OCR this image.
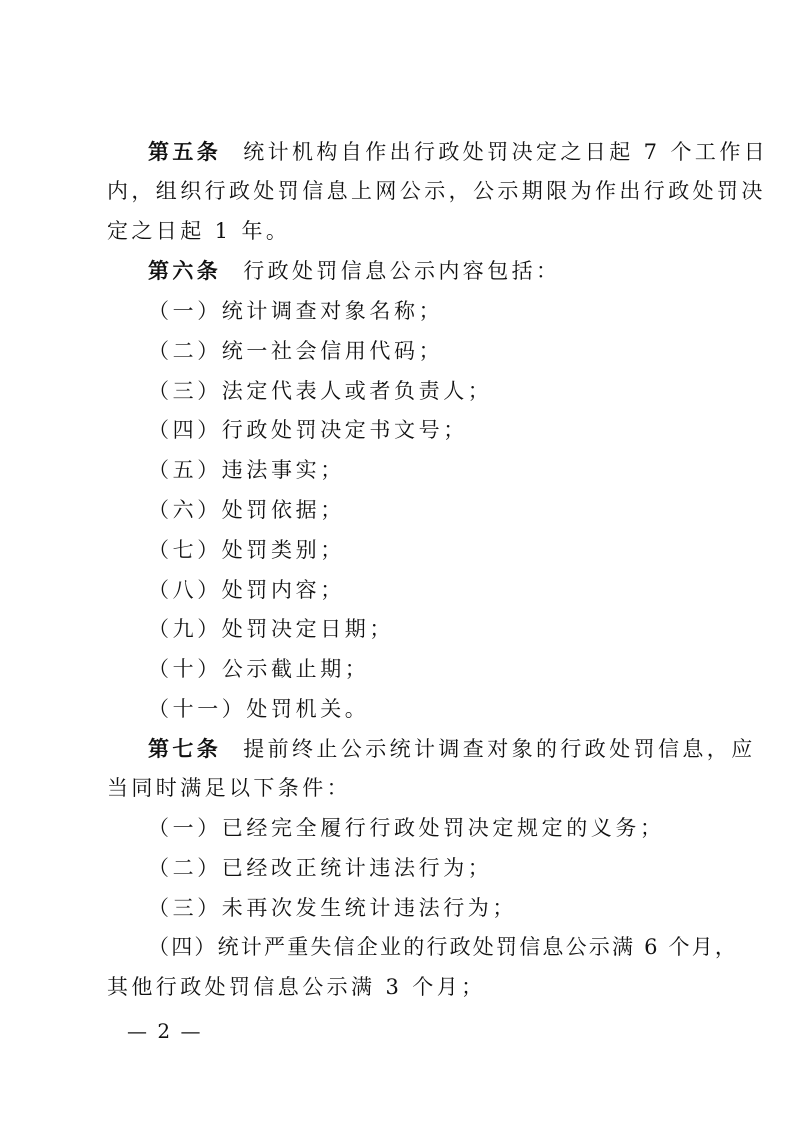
第五条 统计机构自作出行政处罚决定之日起 7 个工作日
内，组织行政处罚信息上网公示，公示期限为作出行政处罚决
定之日起 1 年。
第六条 行政处罚信息公示内容包括：
（一）统计调查对象名称；
（二）统一社会信用代码；
（三）法定代表人或者负责人；
（四）行政处罚决定书文号；
（五）违法事实；
（六）处罚依据；
（七）处罚类别；
（八）处罚内容；
（九）处罚决定日期；
（十）公示截止期；
（十一）处罚机关。
第七条 提前终止公示统计调查对象的行政处罚信息，应
当同时满足以下条件：
（一）已经完全履行行政处罚决定规定的义务；
（二）已经改正统计违法行为；
（三）未再次发生统计违法行为；
（四）统计严重失信企业的行政处罚信息公示满 6 个月，
其他行政处罚信息公示满 3 个月；
— 2 —
